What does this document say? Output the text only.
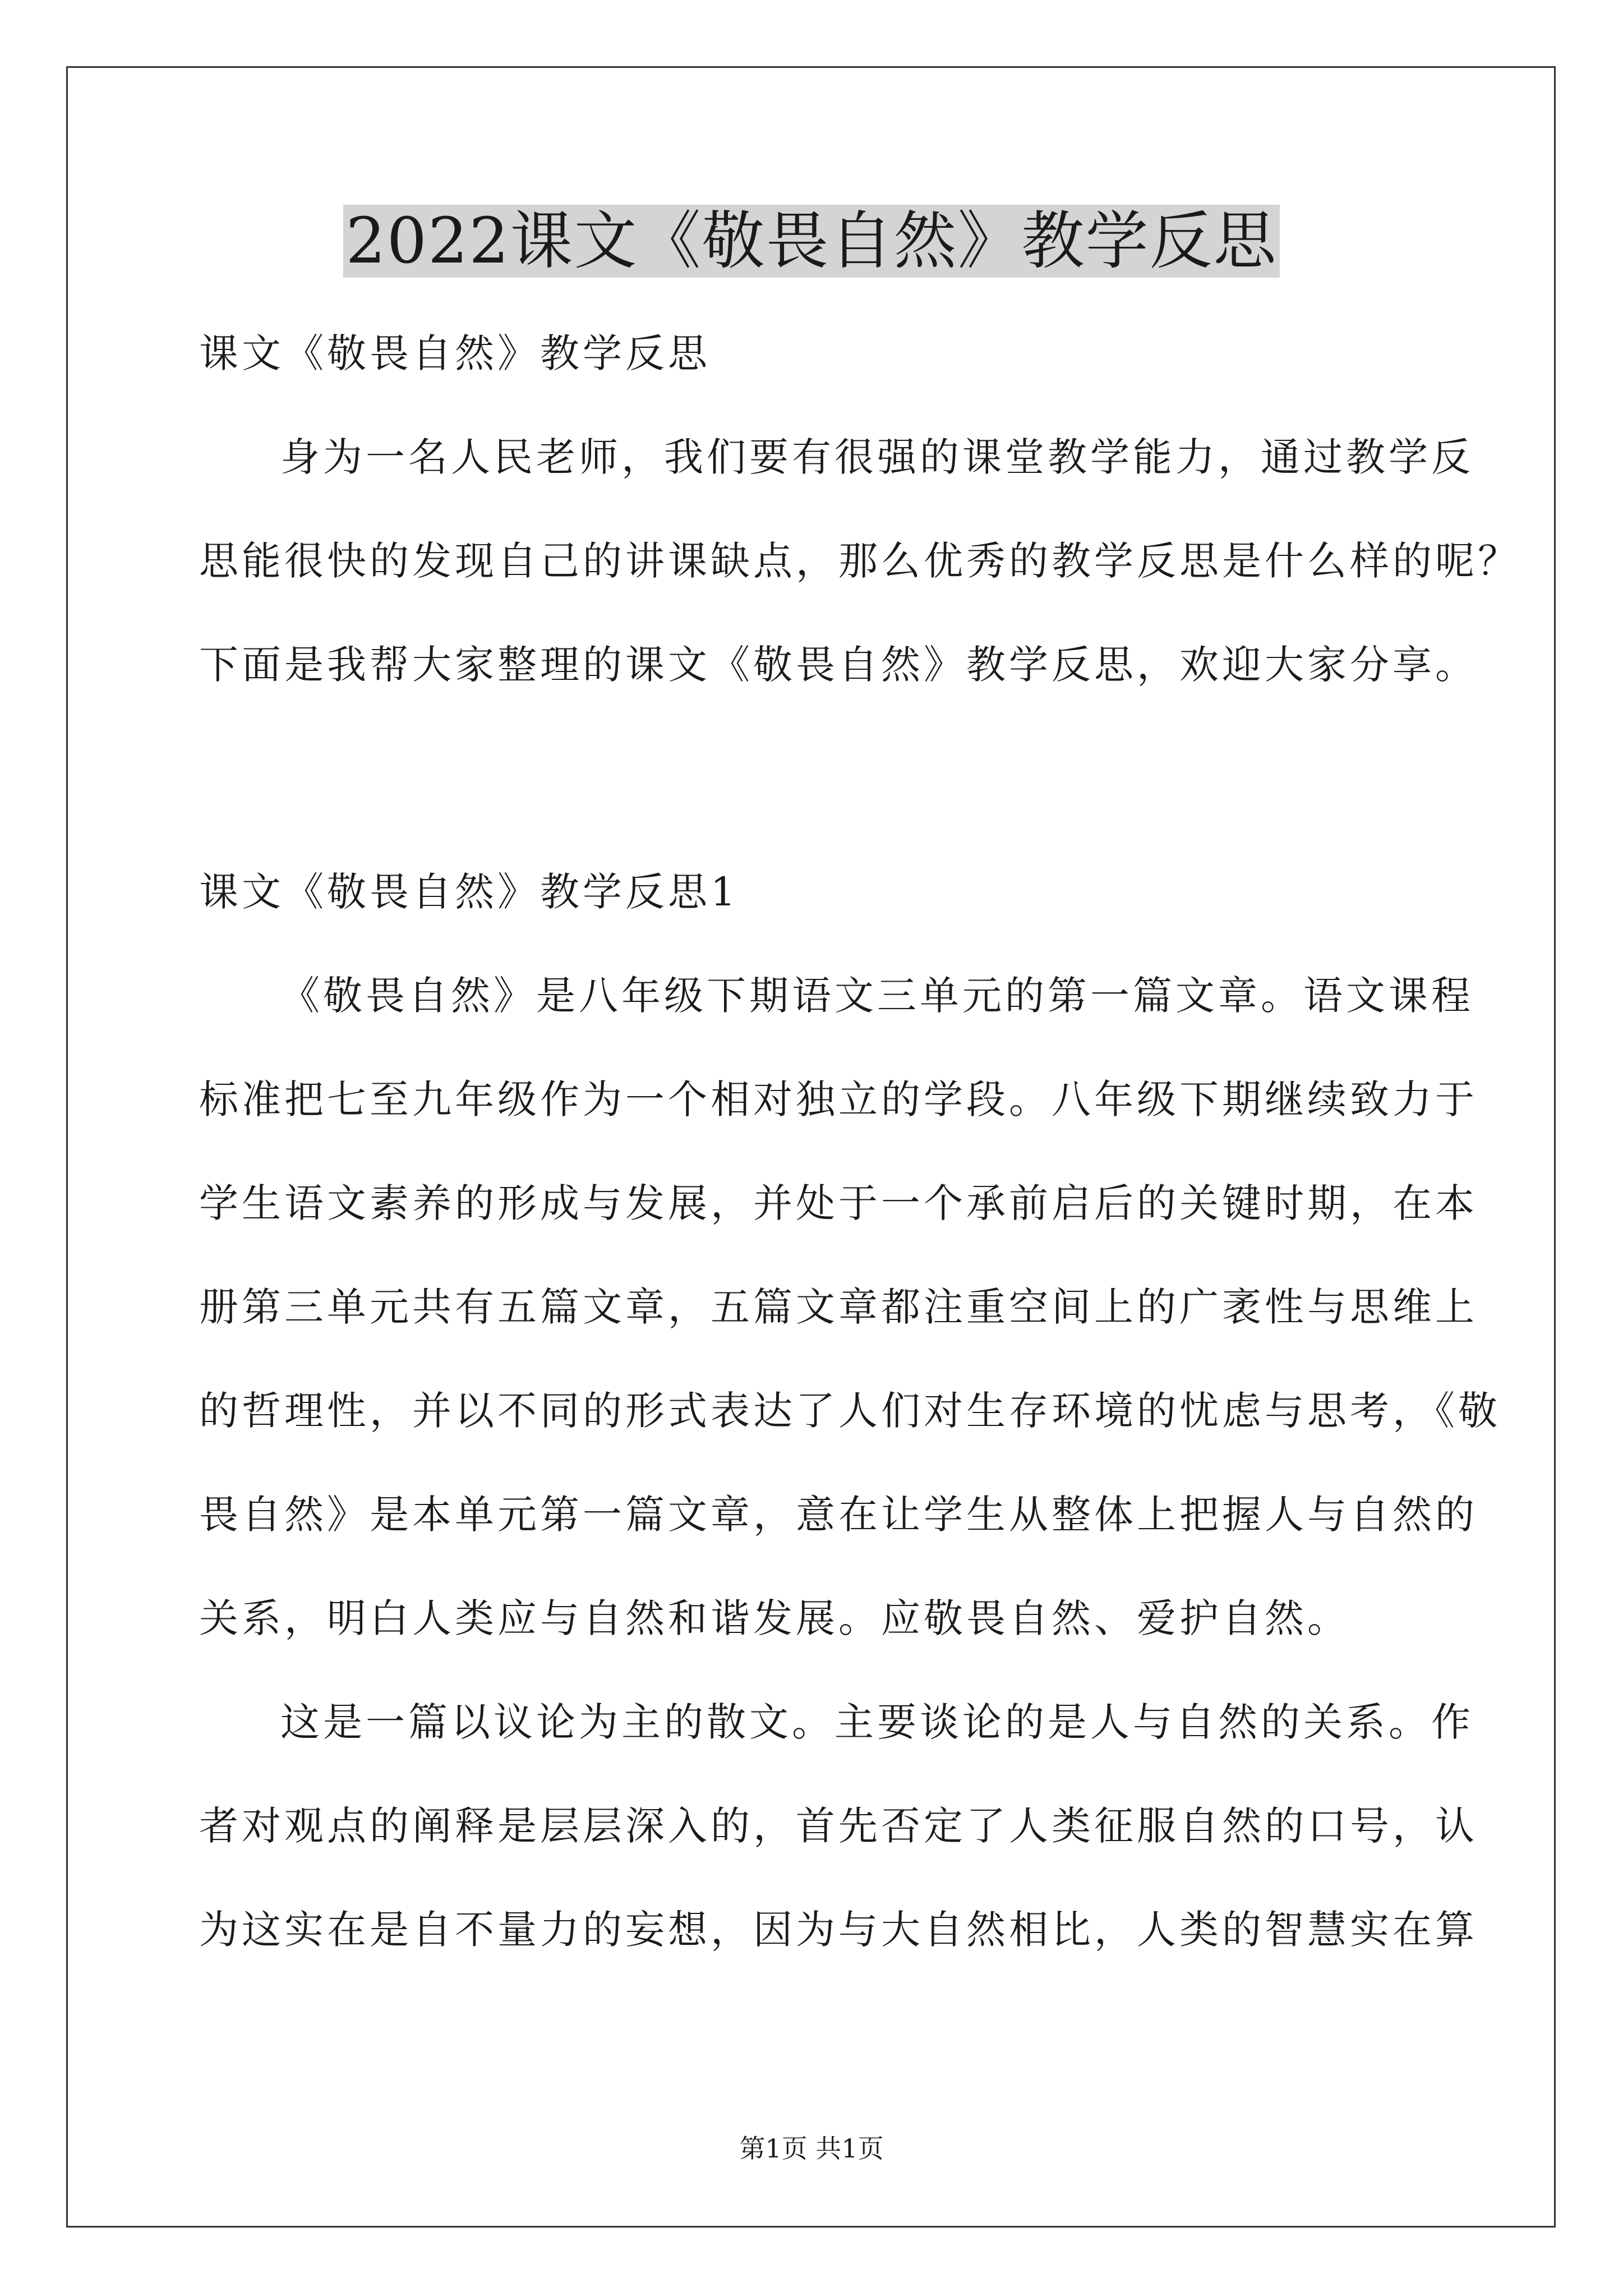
2022课文《敬畏自然》教学反思
课文《敬畏自然》教学反思
身为一名人民老师，我们要有很强的课堂教学能力，通过教学反
思能很快的发现自己的讲课缺点，那么优秀的教学反思是什么样的呢？
下面是我帮大家整理的课文《敬畏自然》教学反思，欢迎大家分享。
课文《敬畏自然》教学反思1
《敬畏自然》是八年级下期语文三单元的第一篇文章。语文课程
标准把七至九年级作为一个相对独立的学段。八年级下期继续致力于
学生语文素养的形成与发展，并处于一个承前启后的关键时期，在本
册第三单元共有五篇文章，五篇文章都注重空间上的广袤性与思维上
的哲理性，并以不同的形式表达了人们对生存环境的忧虑与思考，《敬
畏自然》是本单元第一篇文章，意在让学生从整体上把握人与自然的
关系，明白人类应与自然和谐发展。应敬畏自然、爱护自然。
这是一篇以议论为主的散文。主要谈论的是人与自然的关系。作
者对观点的阐释是层层深入的，首先否定了人类征服自然的口号，认
为这实在是自不量力的妄想，因为与大自然相比，人类的智慧实在算
第1页 共1页
